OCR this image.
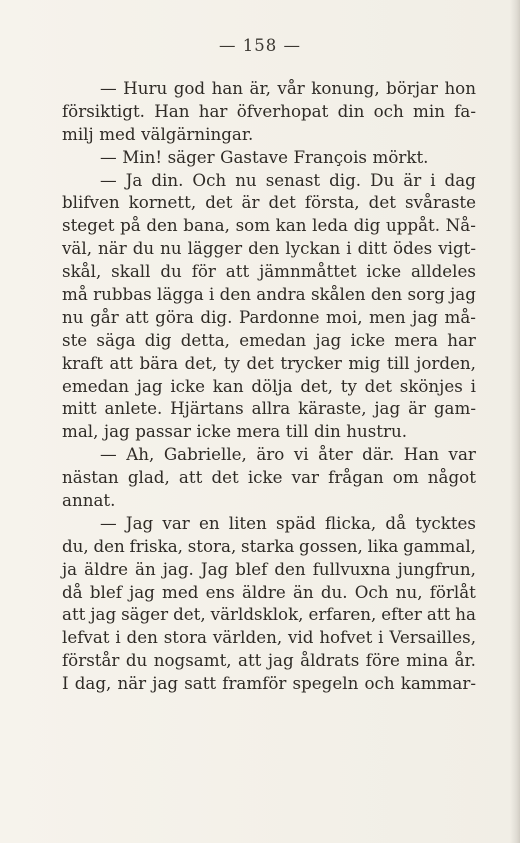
— 158 —
— Huru god han är, vår konung, börjar hon
försiktigt. Han har öfverhopat din och min fa-
milj med välgärningar.
— Min! säger Gastave François mörkt.
— Ja din. Och nu senast dig. Du är i dag
blifven kornett, det är det första, det svåraste
steget på den bana, som kan leda dig uppåt. Nå-
väl, när du nu lägger den lyckan i ditt ödes vigt-
skål, skall du för att jämnmåttet icke alldeles
må rubbas lägga i den andra skålen den sorg jag
nu går att göra dig. Pardonne moi, men jag må-
ste säga dig detta, emedan jag icke mera har
kraft att bära det, ty det trycker mig till jorden,
emedan jag icke kan dölja det, ty det skönjes i
mitt anlete. Hjärtans allra käraste, jag är gam-
mal, jag passar icke mera till din hustru.
— Ah, Gabrielle, äro vi åter där. Han var
nästan glad, att det icke var frågan om något
annat.
— Jag var en liten späd flicka, då tycktes
du, den friska, stora, starka gossen, lika gammal,
ja äldre än jag. Jag blef den fullvuxna jungfrun,
då blef jag med ens äldre än du. Och nu, förlåt
att jag säger det, världsklok, erfaren, efter att ha
lefvat i den stora världen, vid hofvet i Versailles,
förstår du nogsamt, att jag åldrats före mina år.
I dag, när jag satt framför spegeln och kammar-
